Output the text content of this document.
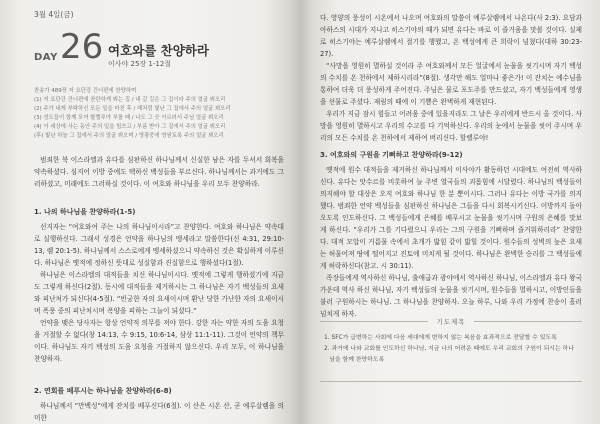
3월 4일(금)
DAY 26 여호와를 찬양하라
이사야 25장 1-12절
찬송가 489장 저 요단강 건너편에 찬양하며
(1) 저 요단강 건너편에 찬란하게 뵈는 집 / 내 갈 길은 그 집이라 주의 얼굴 뵈오리
(2) 주가 내게 부탁하신 모든 일을 마친 후 / 해처럼 빛난 그 집에서 주의 얼굴 뵈오리
(3) 성도들이 함께 모여 할렐루야 부를 때 / 나도 그 곳 이르러서 주님 얼굴 뵈오리
(4) 이 세상에 사는 동안 주의 일을 힘쓰고 / 부름 받아 그 집에서 주의 얼굴 뵈오리
(후) 빛난 하늘 그 집에서 주의 얼굴 뵈오며 / 영광중에 영원토록 주의 얼굴 뵈오리

범죄한 북 이스라엘과 유다를 심판하신 하나님께서 신실한 남은 자를 두셔서 회복을 약속하셨다. 심지어 이방 중에도 택하신 백성들을 부르신다. 하나님께서는 과거에도 그러하셨고, 미래에도 그러하실 것이다. 이 여호와 하나님을 우리 모두 찬양하라.

1. 나의 하나님을 찬양하라(1-5)

선지자는 “여호와여 주는 나의 하나님이시라”고 찬양한다. 여호와 하나님은 약속대로 실행하신다. 그래서 성경은 언약을 하나님의 맹세라고 말씀한다(신 4:31, 29:10-13, 렘 20:1-5). 하나님께서 스스로에게 맹세하셨으니 약속하신 것은 확실하게 이루신다. 하나님은 옛적에 정하신 뜻대로 성실함과 진실함으로 행하셨다(1절).

하나님은 이스라엘의 대적들을 치신 하나님이시다. 옛적에 그렇게 행하셨기에 지금도 그렇게 하신다(2절). 동시에 대적들을 제거하시는 그 하나님은 자기 백성들의 요새와 피난처가 되신다(4-5절). “빈궁한 자의 요새이시며 환난 당한 가난한 자의 요새이시며 폭풍 중의 피난처시며 폭양을 피하는 그늘이 되셨다.”

언약을 맺은 당사자는 항상 언약적 의무를 져야 한다. 강한 자는 약한 자의 도움 요청을 거절할 수 없다(창 14:13, 수 9:15, 10:6-14, 삼상 11:1-11). 그것이 언약의 책무이다. 하나님도 자기 백성의 도움 요청을 거절하지 않으신다. 우리 모두, 이 하나님을 찬양하자.

2. 연회를 베푸시는 하나님을 찬양하라(6-8)

하나님께서 “만백성”에게 잔치를 베푸신다(6절). 이 산은 시온 산, 곧 예루살렘을 의미한

다. 영양의 풍성이 시온에서 나오며 여호와의 말씀이 예루살렘에서 나온다(사 2:3). 요담과 아하스의 시대가 지나고 히스기야의 때가 되면 유다는 바로 이 즐거움을 맛볼 것이다. 실제로 히스기야는 예루살렘에서 절기를 행했고, 온 백성에게 큰 희락이 넘쳤다(대하 30:23-27).

“사망을 영원히 멸하실 것이라 주 여호와께서 모든 얼굴에서 눈물을 씻기시며 자기 백성의 수치를 온 천하에서 제하시리라”(8절). 생각만 해도 얼마나 좋은가! 이 잔치는 예수님을 통하여 더욱 더 풍성하게 주어진다. 주님은 물로 포도주를 만드셨고, 자기 백성들에게 영생을 선물로 주셨다. 재림의 때에 이 기쁨은 완벽하게 재현된다.

우리가 지금 잠시 힘들고 어려움 중에 있을지라도 그 날은 우리에게 반드시 올 것이다. 사망을 영원히 멸하시고 우리의 수고를 다 기억하신다. 우리의 눈에서 눈물을 씻어 주시며 우리의 모든 수치를 온 천하에서 제하여 버리신다. 할렐루야!

3. 여호와의 구원을 기뻐하고 찬양하라(9-12)

옛적에 원수 대적들을 제거하신 하나님께서 이사야가 활동하던 시대에도 여전히 역사하신다. 유다는 앗수르를 비롯하여 늘 주변 열국들의 괴롭힘에 시달렸다. 하나님의 백성들이 의지해야 할 대상은 오직 여호와 하나님 한 분 뿐이시다. 그러나 유다는 이방 국가를 의지했다. 범죄한 언약 백성들을 심판하신 하나님은 그들을 다시 회복시키신다. 이방까지 돌아오도록 인도하신다. 그 백성들에게 은혜를 베푸시고 눈물을 씻기시며 구원의 은혜를 맛보게 하신다. “우리가 그를 기다렸으니 우리는 그의 구원을 기뻐하며 즐거워하리라” 찬양한다. 대적 모압이 거름물 속에서 초개가 밟힘 같이 밟힐 것이다. 원수들의 성벽의 높은 요새는 허물어져 땅에 떨어지고 진토에 미치게 될 것이다. 하나님은 완벽한 승리를 그 백성들에게 허락하신다(참고. 시 30:11).

족장들에게 역사하신 하나님, 출애굽과 광야에서 역사하신 하나님, 이스라엘과 유다 왕국 가운데 역사 하신 하나님, 자기 백성들의 눈물을 씻기시며, 원수들을 멸하시고, 이방인들을 불러 구원하시는 하나님. 그 하나님을 찬양하자. 오늘 하루, 나와 우리 가정에 찬송이 흘러넘치게 하자.

기도제목
1. SFC가 급변하는 사회에 다음 세대에게 변하지 않는 복음을 효과적으로 전달할 수 있도록
2. 과거에 나와 교회를 인도하신 하나님, 지금 나의 어려운 때에도 우리 교회의 구원이 되시는 하나님을 함께 찬양하도록
